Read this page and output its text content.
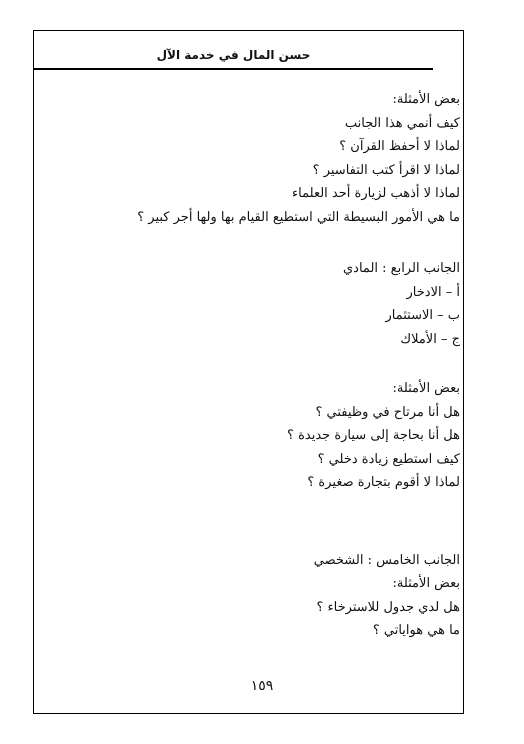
حسن المال في خدمة الآل
بعض الأمثلة:
كيف أنمي هذا الجانب
لماذا لا أحفظ القرآن ؟
لماذا لا اقرأ كتب التفاسير ؟
لماذا لا أذهب لزيارة أحد العلماء
ما هي الأمور البسيطة التي استطيع القيام بها ولها أجر كبير ؟
الجانب الرابع : المادي
أ – الادخار
ب – الاستثمار
ج – الأملاك
بعض الأمثلة:
هل أنا مرتاح في وظيفتي ؟
هل أنا بحاجة إلى سيارة جديدة ؟
كيف استطيع زيادة دخلي ؟
لماذا لا أقوم بتجارة صغيرة ؟
الجانب الخامس : الشخصي
بعض الأمثلة:
هل لدي جدول للاسترخاء ؟
ما هي هواياتي ؟
١٥٩
